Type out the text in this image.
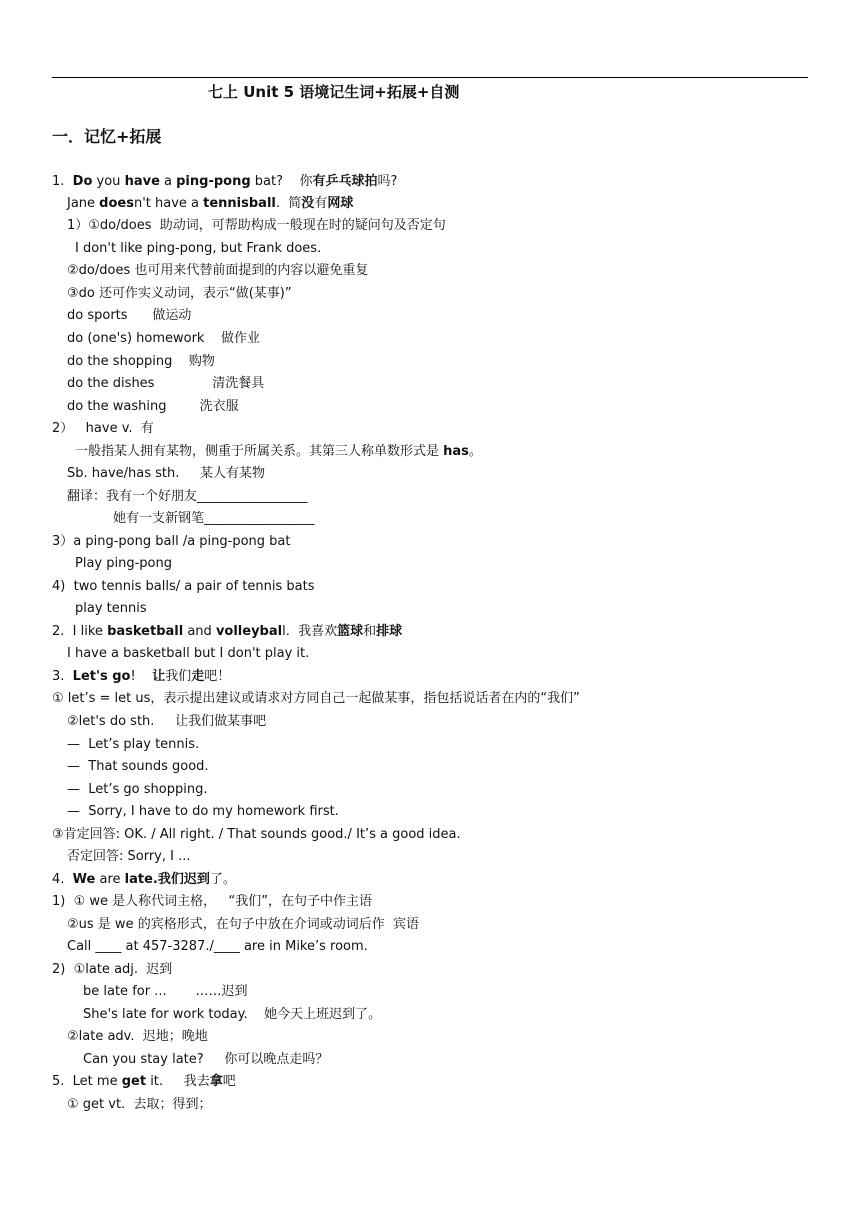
七上 Unit 5 语境记生词+拓展+自测
一．记忆+拓展
1.  Do you have a ping-pong bat?    你有乒乓球拍吗?
Jane doesn't have a tennisball.  简没有网球
1）①do/does  助动词，可帮助构成一般现在时的疑问句及否定句
I don't like ping-pong, but Frank does.
②do/does 也可用来代替前面提到的内容以避免重复
③do 还可作实义动词，表示“做(某事)”
do sports      做运动
do (one's) homework    做作业
do the shopping    购物
do the dishes              清洗餐具
do the washing        洗衣服
2）   have v.  有
一般指某人拥有某物，侧重于所属关系。其第三人称单数形式是 has。
Sb. have/has sth.     某人有某物
翻译：我有一个好朋友_________________
她有一支新钢笔_________________
3）a ping-pong ball /a ping-pong bat
Play ping-pong
4)  two tennis balls/ a pair of tennis bats
play tennis
2.  I like basketball and volleyball.  我喜欢篮球和排球
I have a basketball but I don't play it.
3.  Let's go!    让我们走吧！
① let’s = let us，表示提出建议或请求对方同自己一起做某事，指包括说话者在内的“我们”
②let's do sth.     让我们做某事吧
—  Let’s play tennis.
—  That sounds good.
—  Let’s go shopping.
—  Sorry, I have to do my homework first.
③肯定回答: OK. / All right. / That sounds good./ It’s a good idea.
否定回答: Sorry, I ...
4.  We are late.我们迟到了。
1)  ① we 是人称代词主格，   “我们”，在句子中作主语
②us 是 we 的宾格形式，在句子中放在介词或动词后作  宾语
Call ____ at 457-3287./____ are in Mike’s room.
2)  ①late adj.  迟到
be late for ...       ……迟到
She's late for work today.    她今天上班迟到了。
②late adv.  迟地；晚地
Can you stay late?     你可以晚点走吗？
5.  Let me get it.     我去拿吧
① get vt.  去取；得到；
